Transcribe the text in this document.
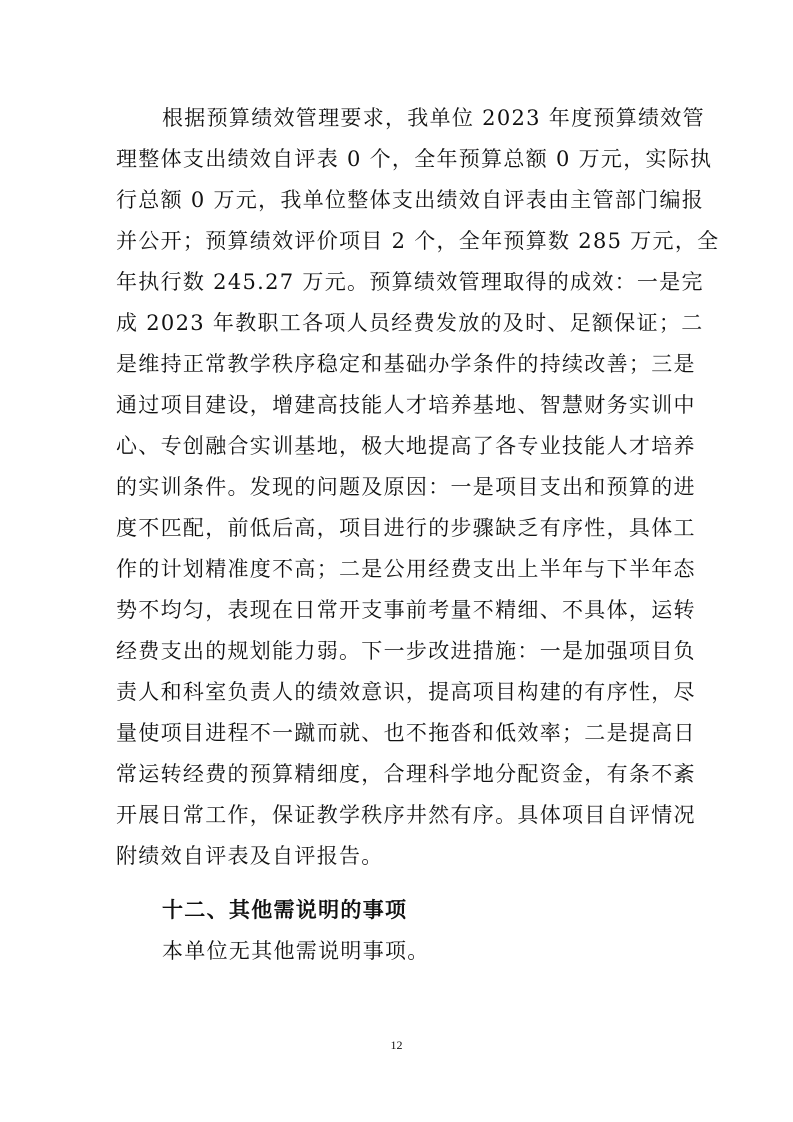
根据预算绩效管理要求，我单位 2023 年度预算绩效管
理整体支出绩效自评表 0 个，全年预算总额 0 万元，实际执
行总额 0 万元，我单位整体支出绩效自评表由主管部门编报
并公开；预算绩效评价项目 2 个，全年预算数 285 万元，全
年执行数 245.27 万元。预算绩效管理取得的成效：一是完
成 2023 年教职工各项人员经费发放的及时、足额保证；二
是维持正常教学秩序稳定和基础办学条件的持续改善；三是
通过项目建设，增建高技能人才培养基地、智慧财务实训中
心、专创融合实训基地，极大地提高了各专业技能人才培养
的实训条件。发现的问题及原因：一是项目支出和预算的进
度不匹配，前低后高，项目进行的步骤缺乏有序性，具体工
作的计划精准度不高；二是公用经费支出上半年与下半年态
势不均匀，表现在日常开支事前考量不精细、不具体，运转
经费支出的规划能力弱。下一步改进措施：一是加强项目负
责人和科室负责人的绩效意识，提高项目构建的有序性，尽
量使项目进程不一蹴而就、也不拖沓和低效率；二是提高日
常运转经费的预算精细度，合理科学地分配资金，有条不紊
开展日常工作，保证教学秩序井然有序。具体项目自评情况
附绩效自评表及自评报告。
十二、其他需说明的事项
本单位无其他需说明事项。
12
